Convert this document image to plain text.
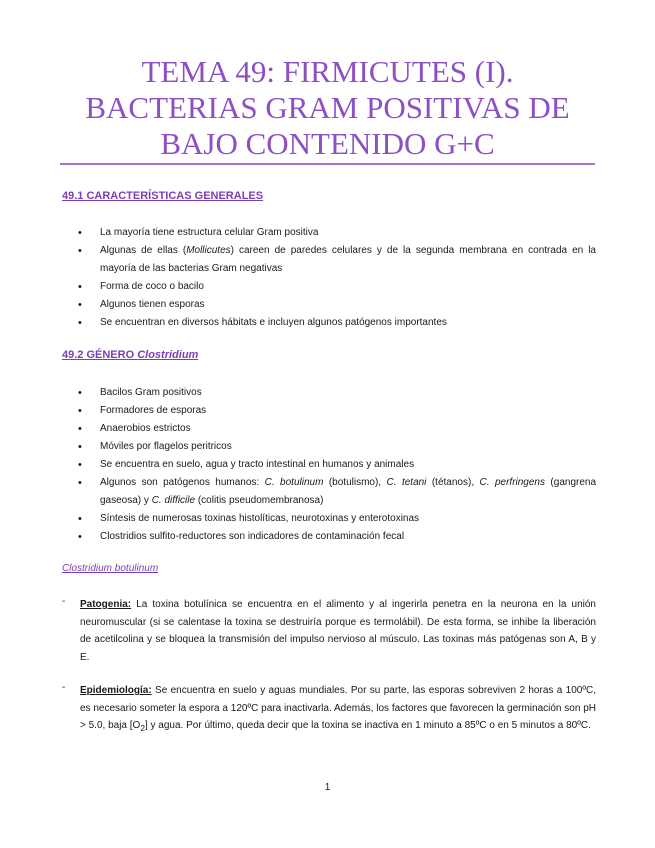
TEMA 49: FIRMICUTES (I). BACTERIAS GRAM POSITIVAS DE BAJO CONTENIDO G+C
49.1 CARACTERÍSTICAS GENERALES
• La mayoría tiene estructura celular Gram positiva
• Algunas de ellas (Mollicutes) careen de paredes celulares y de la segunda membrana en contrada en la mayoría de las bacterias Gram negativas
• Forma de coco o bacilo
• Algunos tienen esporas
• Se encuentran en diversos hábitats e incluyen algunos patógenos importantes
49.2 GÉNERO Clostridium
• Bacilos Gram positivos
• Formadores de esporas
• Anaerobios estrictos
• Móviles por flagelos peritricos
• Se encuentra en suelo, agua y tracto intestinal en humanos y animales
• Algunos son patógenos humanos: C. botulinum (botulismo), C. tetani (tétanos), C. perfringens (gangrena gaseosa) y C. difficile (colitis pseudomembranosa)
• Síntesis de numerosas toxinas histolíticas, neurotoxinas y enterotoxinas
• Clostridios sulfito-reductores son indicadores de contaminación fecal
Clostridium botulinum
- Patogenia: La toxina botulínica se encuentra en el alimento y al ingerirla penetra en la neurona en la unión neuromuscular (si se calentase la toxina se destruiría porque es termolábil). De esta forma, se inhibe la liberación de acetilcolina y se bloquea la transmisión del impulso nervioso al músculo. Las toxinas más patógenas son A, B y E.
- Epidemiología: Se encuentra en suelo y aguas mundiales. Por su parte, las esporas sobreviven 2 horas a 100ºC, es necesario someter la espora a 120ºC para inactivarla. Además, los factores que favorecen la germinación son pH > 5.0, baja $[O_2]$ y agua. Por último, queda decir que la toxina se inactiva en 1 minuto a 85ºC o en 5 minutos a 80ºC.
1
